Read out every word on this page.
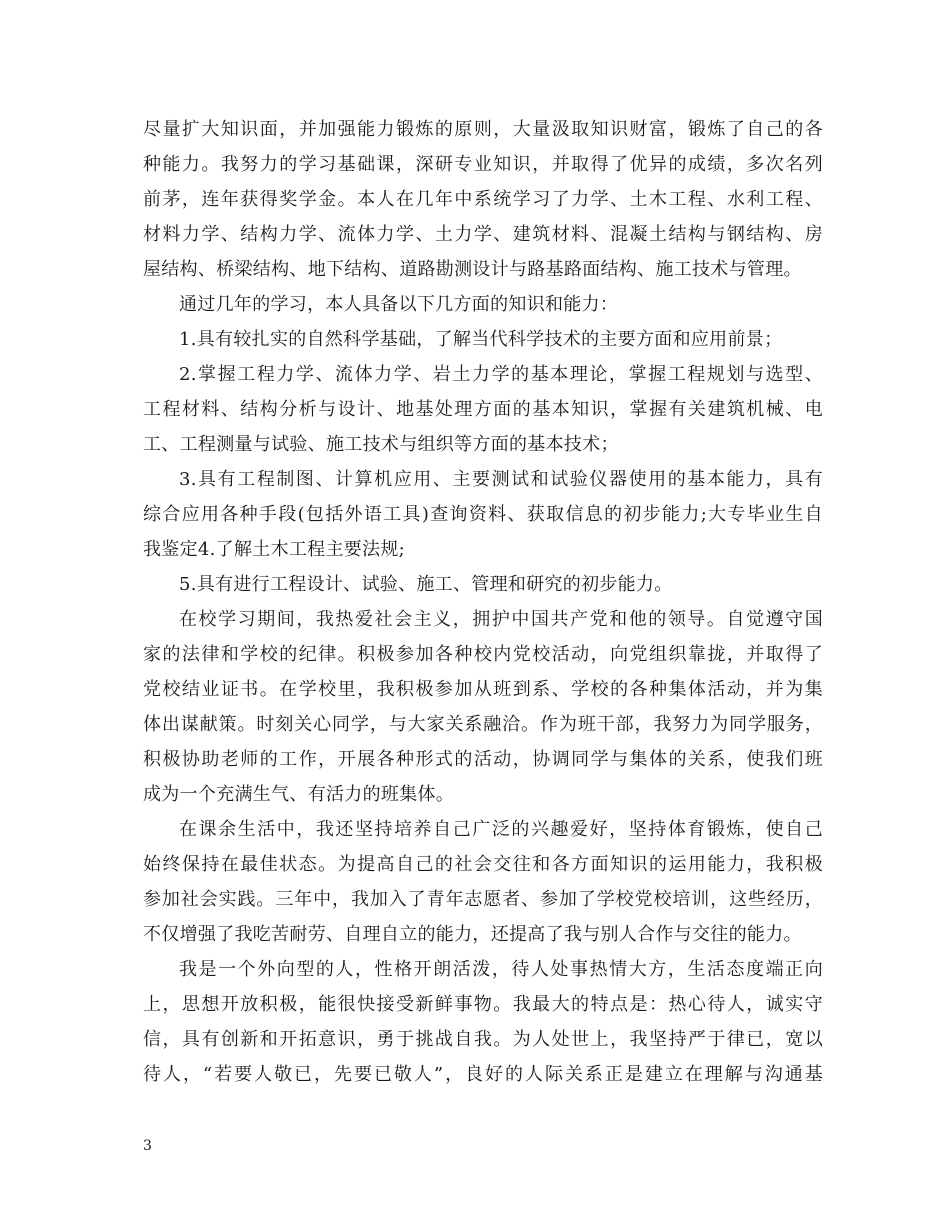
尽量扩大知识面，并加强能力锻炼的原则，大量汲取知识财富，锻炼了自己的各
种能力。我努力的学习基础课，深研专业知识，并取得了优异的成绩，多次名列
前茅，连年获得奖学金。本人在几年中系统学习了力学、土木工程、水利工程、
材料力学、结构力学、流体力学、土力学、建筑材料、混凝土结构与钢结构、房
屋结构、桥梁结构、地下结构、道路勘测设计与路基路面结构、施工技术与管理。
通过几年的学习，本人具备以下几方面的知识和能力：
1.具有较扎实的自然科学基础，了解当代科学技术的主要方面和应用前景；
2.掌握工程力学、流体力学、岩土力学的基本理论，掌握工程规划与选型、
工程材料、结构分析与设计、地基处理方面的基本知识，掌握有关建筑机械、电
工、工程测量与试验、施工技术与组织等方面的基本技术；
3.具有工程制图、计算机应用、主要测试和试验仪器使用的基本能力，具有
综合应用各种手段(包括外语工具)查询资料、获取信息的初步能力;大专毕业生自
我鉴定4.了解土木工程主要法规;
5.具有进行工程设计、试验、施工、管理和研究的初步能力。
在校学习期间，我热爱社会主义，拥护中国共产党和他的领导。自觉遵守国
家的法律和学校的纪律。积极参加各种校内党校活动，向党组织靠拢，并取得了
党校结业证书。在学校里，我积极参加从班到系、学校的各种集体活动，并为集
体出谋献策。时刻关心同学，与大家关系融洽。作为班干部，我努力为同学服务，
积极协助老师的工作，开展各种形式的活动，协调同学与集体的关系，使我们班
成为一个充满生气、有活力的班集体。
在课余生活中，我还坚持培养自己广泛的兴趣爱好，坚持体育锻炼，使自己
始终保持在最佳状态。为提高自己的社会交往和各方面知识的运用能力，我积极
参加社会实践。三年中，我加入了青年志愿者、参加了学校党校培训，这些经历，
不仅增强了我吃苦耐劳、自理自立的能力，还提高了我与别人合作与交往的能力。
我是一个外向型的人，性格开朗活泼，待人处事热情大方，生活态度端正向
上，思想开放积极，能很快接受新鲜事物。我最大的特点是：热心待人，诚实守
信，具有创新和开拓意识，勇于挑战自我。为人处世上，我坚持严于律已，宽以
待人，“若要人敬已，先要已敬人”，良好的人际关系正是建立在理解与沟通基
3
